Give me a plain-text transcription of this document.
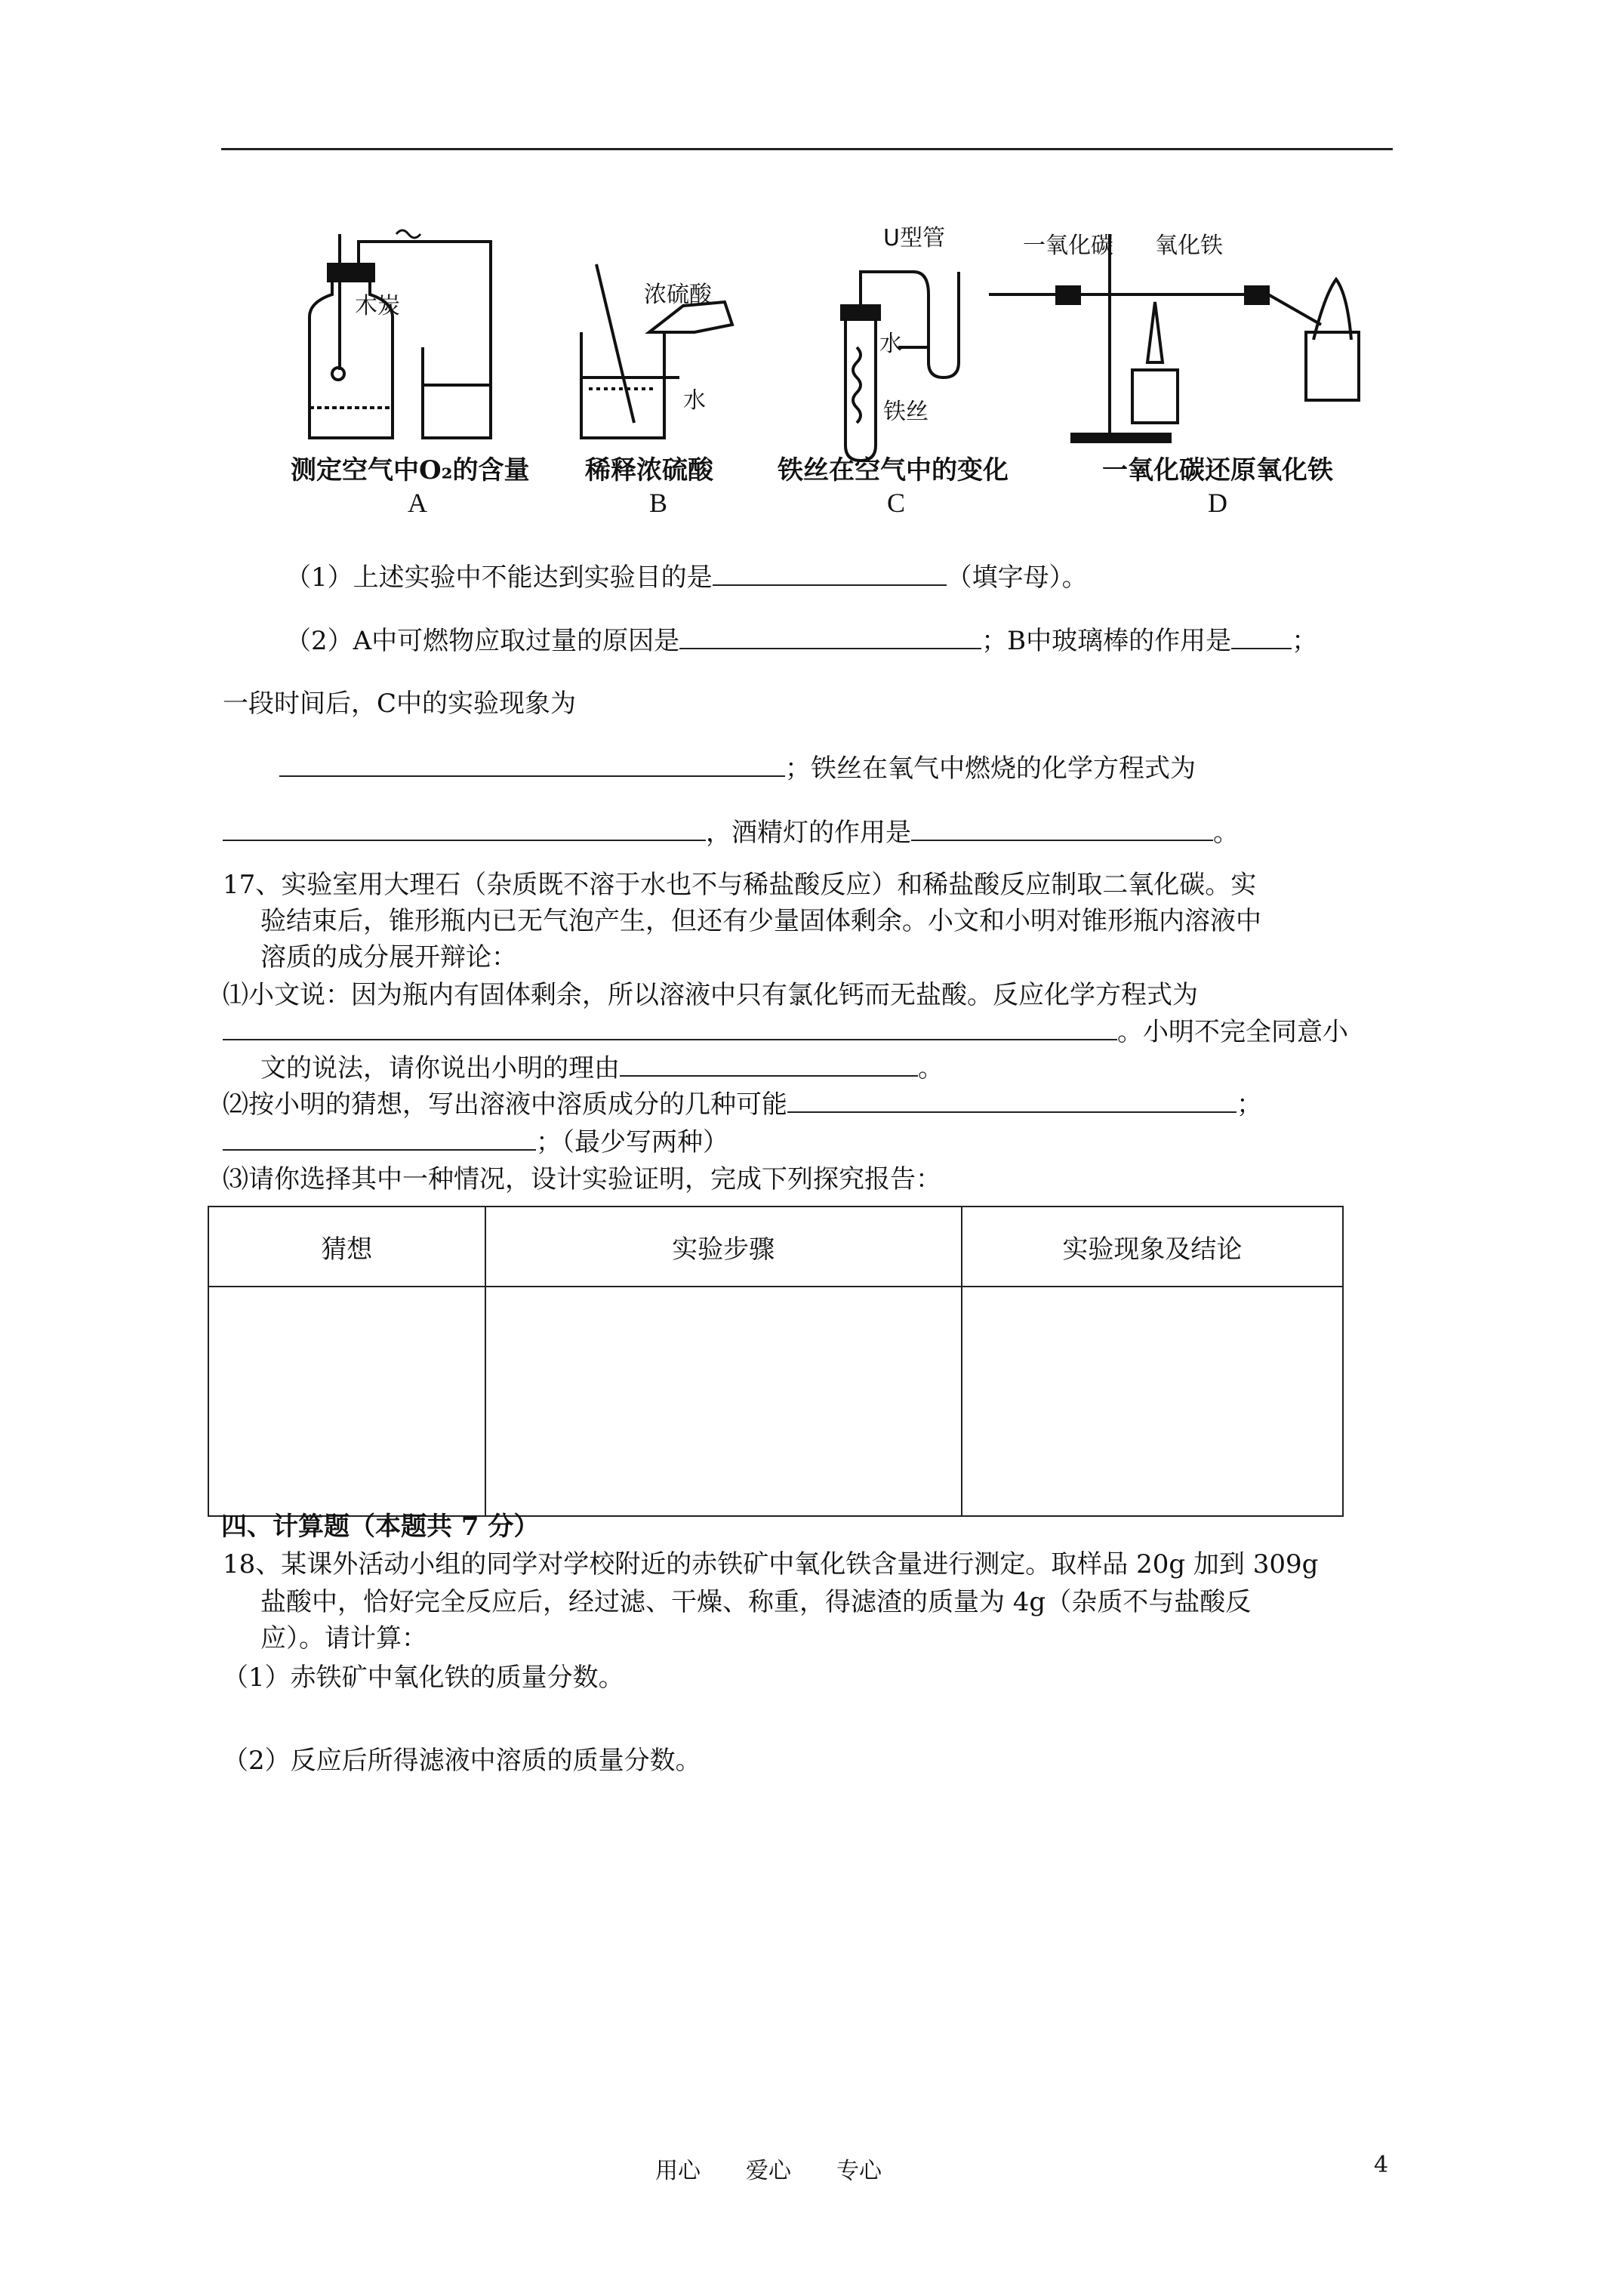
木炭	浓硫酸
水
U型管
水
铁丝
一氧化碳 氧化铁
测定空气中O₂的含量 稀释浓硫酸	铁丝在空气中的变化	一氧化碳还原氧化铁
A	B	C	D
（1）上述实验中不能达到实验目的是	（填字母）。
（2）A中可燃物应取过量的原因是	；B中玻璃棒的作用是 ；
一段时间后，C中的实验现象为
；铁丝在氧气中燃烧的化学方程式为
，酒精灯的作用是	。
17、实验室用大理石（杂质既不溶于水也不与稀盐酸反应）和稀盐酸反应制取二氧化碳。实
验结束后，锥形瓶内已无气泡产生，但还有少量固体剩余。小文和小明对锥形瓶内溶液中
溶质的成分展开辩论：
⑴小文说：因为瓶内有固体剩余，所以溶液中只有氯化钙而无盐酸。反应化学方程式为
。小明不完全同意小
文的说法，请你说出小明的理由	。
⑵按小明的猜想，写出溶液中溶质成分的几种可能	；
；（最少写两种）
⑶请你选择其中一种情况，设计实验证明，完成下列探究报告：
猜想	实验步骤	实验现象及结论

四、计算题（本题共 7 分）
18、某课外活动小组的同学对学校附近的赤铁矿中氧化铁含量进行测定。取样品 20g 加到 309g
盐酸中，恰好完全反应后，经过滤、干燥、称重，得滤渣的质量为 4g（杂质不与盐酸反
应）。请计算：
（1）赤铁矿中氧化铁的质量分数。
（2）反应后所得滤液中溶质的质量分数。
用心　　爱心　　专心	4
